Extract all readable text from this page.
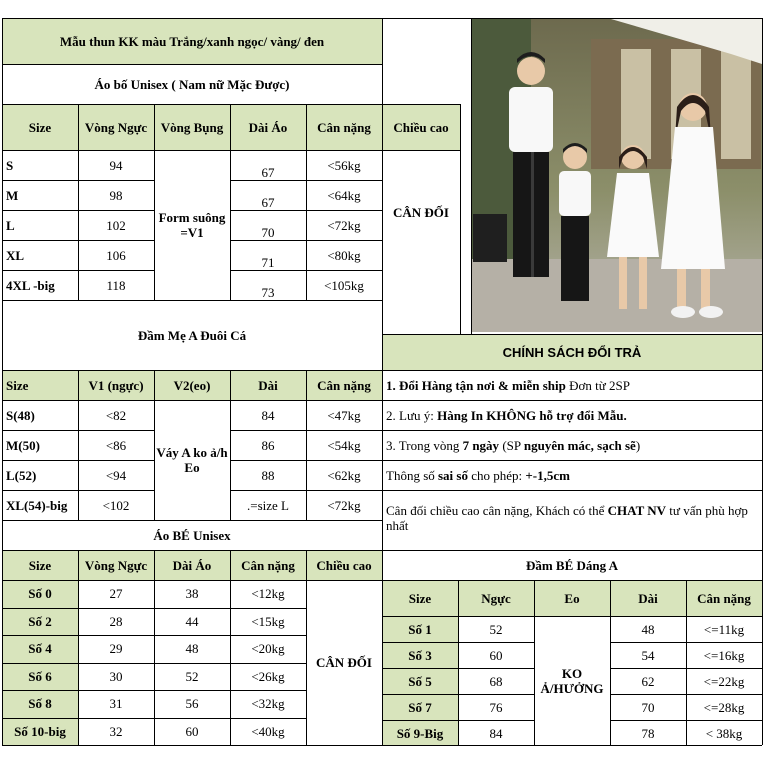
Mẫu thun KK màu Trắng/xanh ngọc/ vàng/ đen
Áo bố Unisex ( Nam nữ Mặc Được)
Size	Vòng Ngực	Vòng Bụng	Dài Áo	Cân nặng	Chiều cao
S	94	67	<56kg
M	98	67	<64kg
L	102	70	<72kg
XL	106	71	<80kg
4XL -big	118	73	<105kg
Form suông =V1
CÂN ĐỐI
Đầm Mẹ A Đuôi Cá
Size	V1 (ngực)	V2(eo)	Dài	Cân nặng
S(48)	<82	84	<47kg
M(50)	<86	86	<54kg
L(52)	<94	88	<62kg
XL(54)-big	<102	.=size L	<72kg
Váy A ko ả/h Eo
Áo BÉ Unisex
Size	Vòng Ngực	Dài Áo	Cân nặng	Chiều cao
Số 0	27	38	<12kg
Số 2	28	44	<15kg
Số 4	29	48	<20kg
Số 6	30	52	<26kg
Số 8	31	56	<32kg
Số 10-big	32	60	<40kg
CÂN ĐỐI
CHÍNH SÁCH ĐỔI TRẢ
1. Đổi Hàng tận nơi & miễn ship Đơn từ 2SP
2. Lưu ý: Hàng In KHÔNG hỗ trợ đổi Mẫu.
3. Trong vòng 7 ngày (SP nguyên mác, sạch sẽ)
Thông số sai số cho phép: +-1,5cm
Cân đối chiều cao cân nặng, Khách có thể CHAT NV tư vấn phù hợp nhất
Đầm BÉ Dáng A
Size	Ngực	Eo	Dài	Cân nặng
Số 1	52	48	<=11kg
Số 3	60	54	<=16kg
Số 5	68	62	<=22kg
Số 7	76	70	<=28kg
Số 9-Big	84	78	< 38kg
KO Ả/HƯỞNG
